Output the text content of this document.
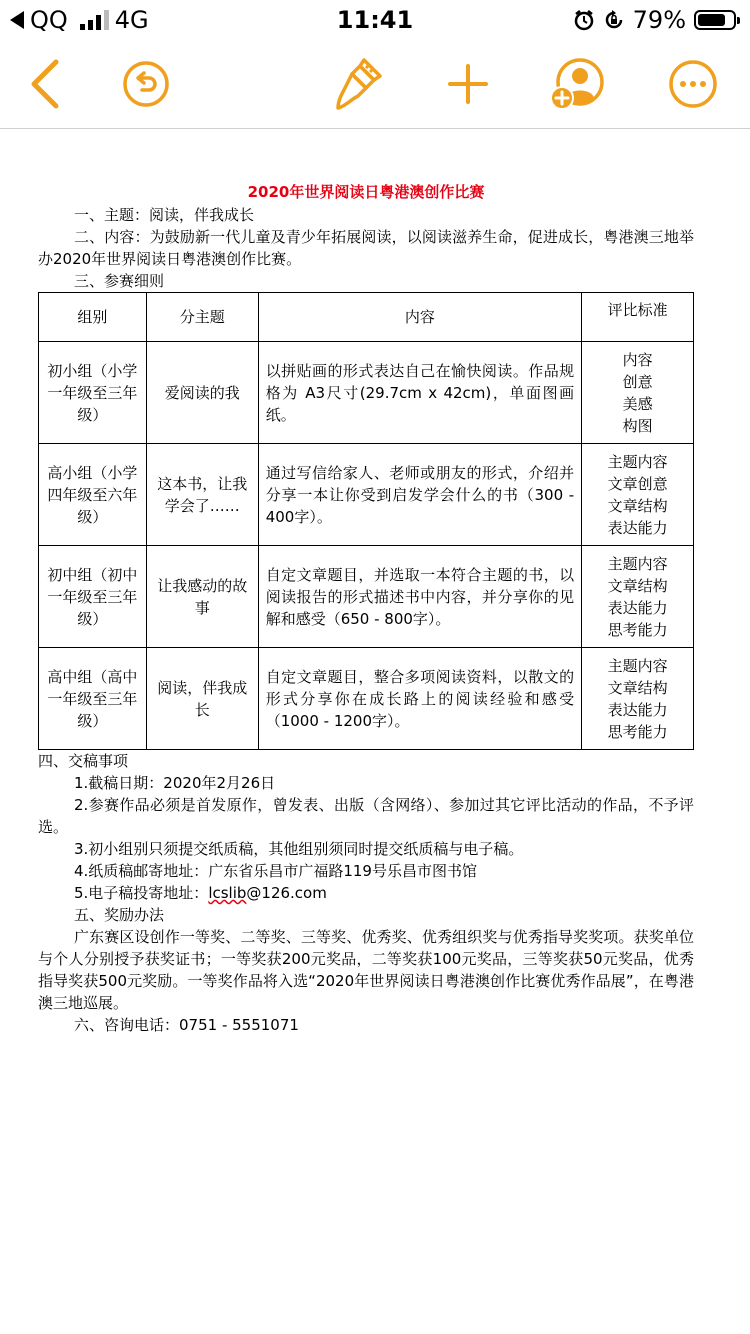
QQ 4G	11:41	79%

2020年世界阅读日粤港澳创作比赛

一、主题：阅读，伴我成长

二、内容：为鼓励新一代儿童及青少年拓展阅读，以阅读滋养生命，促进成长，粤港澳三地举办2020年世界阅读日粤港澳创作比赛。

三、参赛细则

组别	分主题	内容	评比标准
初小组（小学一年级至三年级）	爱阅读的我	以拼贴画的形式表达自己在愉快阅读。作品规格为 A3尺寸(29.7cm x 42cm)，单面图画纸。	内容
创意
美感
构图
高小组（小学四年级至六年级）	这本书，让我学会了……	通过写信给家人、老师或朋友的形式，介绍并分享一本让你受到启发学会什么的书（300 - 400字）。	主题内容
文章创意
文章结构
表达能力
初中组（初中一年级至三年级）	让我感动的故事	自定文章题目，并选取一本符合主题的书，以阅读报告的形式描述书中内容，并分享你的见解和感受（650 - 800字）。	主题内容
文章结构
表达能力
思考能力
高中组（高中一年级至三年级）	阅读，伴我成长	自定文章题目，整合多项阅读资料，以散文的形式分享你在成长路上的阅读经验和感受（1000 - 1200字）。	主题内容
文章结构
表达能力
思考能力

四、交稿事项

1.截稿日期：2020年2月26日

2.参赛作品必须是首发原作，曾发表、出版（含网络）、参加过其它评比活动的作品，不予评选。

3.初小组别只须提交纸质稿，其他组别须同时提交纸质稿与电子稿。

4.纸质稿邮寄地址：广东省乐昌市广福路119号乐昌市图书馆

5.电子稿投寄地址：lcslib@126.com

五、奖励办法

广东赛区设创作一等奖、二等奖、三等奖、优秀奖、优秀组织奖与优秀指导奖奖项。获奖单位与个人分别授予获奖证书；一等奖获200元奖品，二等奖获100元奖品，三等奖获50元奖品，优秀指导奖获500元奖励。一等奖作品将入选“2020年世界阅读日粤港澳创作比赛优秀作品展”，在粤港澳三地巡展。

六、咨询电话：0751 - 5551071
